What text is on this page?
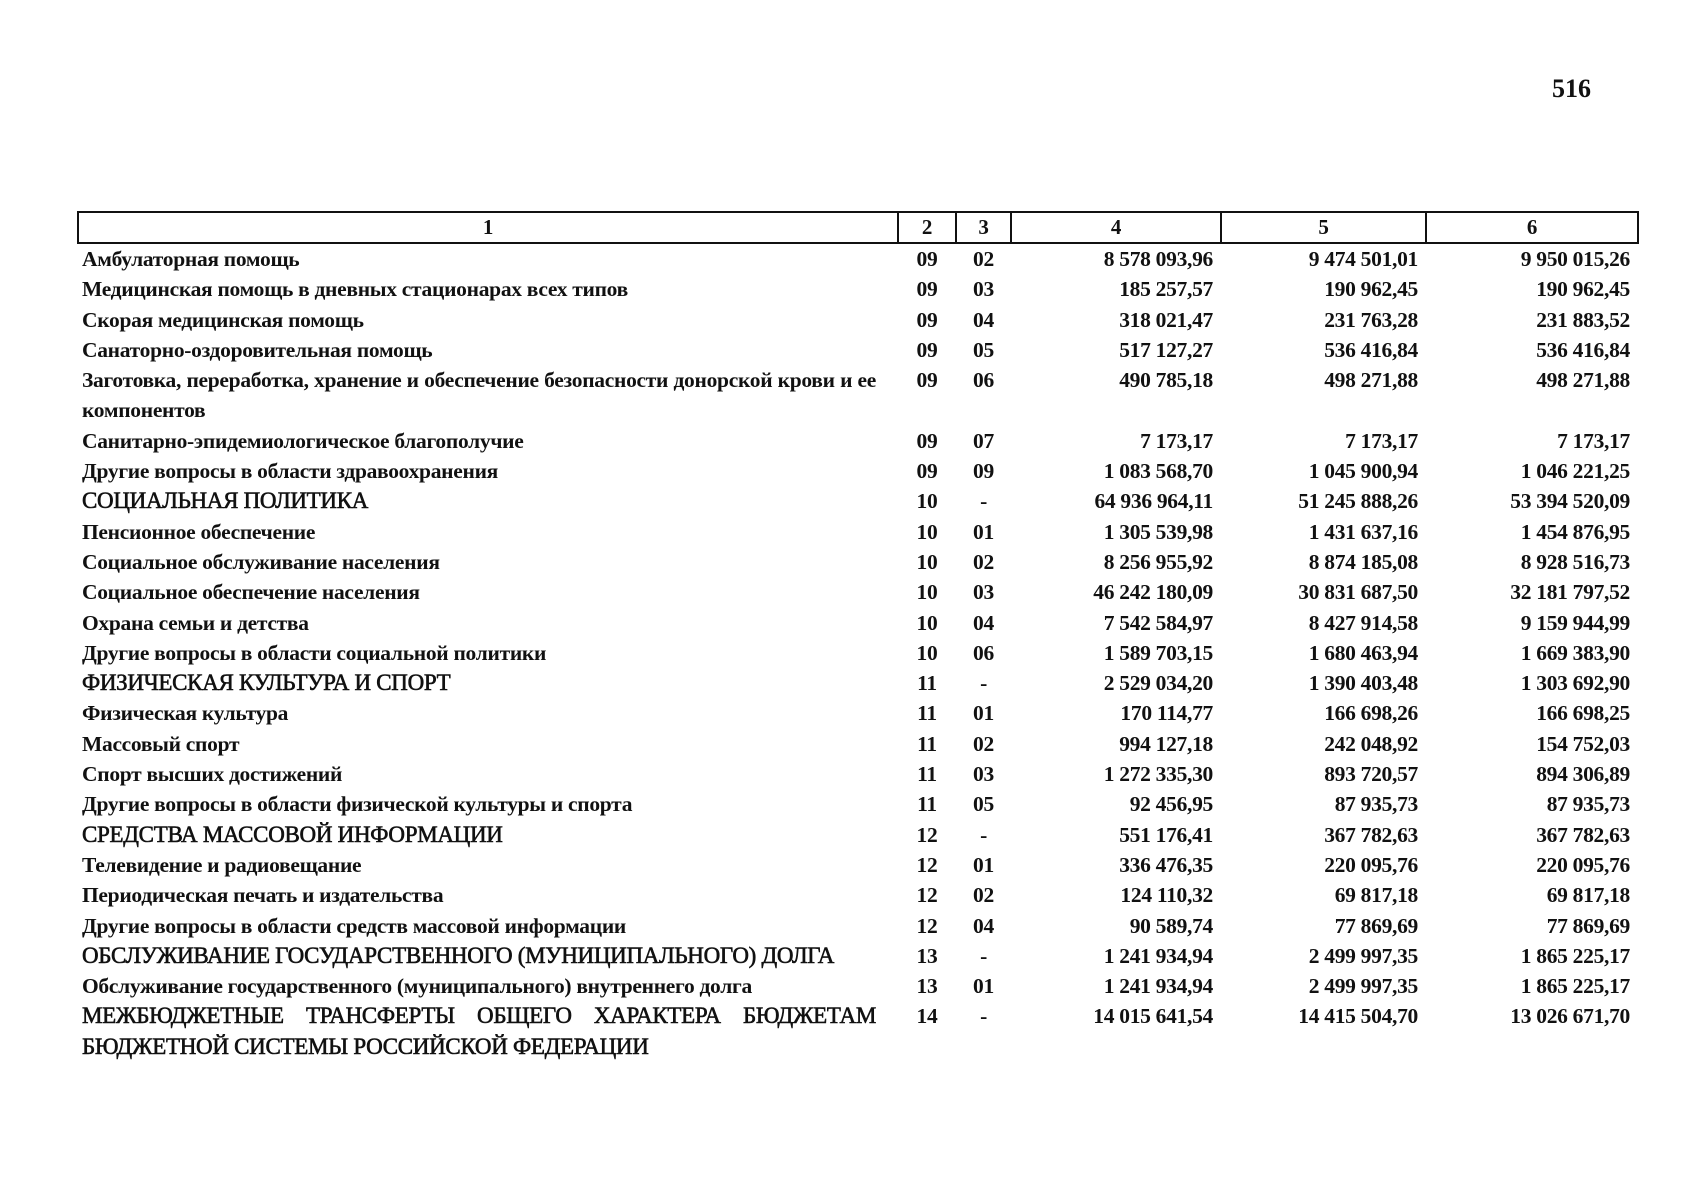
516
1	2	3	4	5	6
Амбулаторная помощь	09	02	8 578 093,96	9 474 501,01	9 950 015,26
Медицинская помощь в дневных стационарах всех типов	09	03	185 257,57	190 962,45	190 962,45
Скорая медицинская помощь	09	04	318 021,47	231 763,28	231 883,52
Санаторно-оздоровительная помощь	09	05	517 127,27	536 416,84	536 416,84
Заготовка, переработка, хранение и обеспечение безопасности донорской крови и ее компонентов	09	06	490 785,18	498 271,88	498 271,88
Санитарно-эпидемиологическое благополучие	09	07	7 173,17	7 173,17	7 173,17
Другие вопросы в области здравоохранения	09	09	1 083 568,70	1 045 900,94	1 046 221,25
СОЦИАЛЬНАЯ ПОЛИТИКА	10	-	64 936 964,11	51 245 888,26	53 394 520,09
Пенсионное обеспечение	10	01	1 305 539,98	1 431 637,16	1 454 876,95
Социальное обслуживание населения	10	02	8 256 955,92	8 874 185,08	8 928 516,73
Социальное обеспечение населения	10	03	46 242 180,09	30 831 687,50	32 181 797,52
Охрана семьи и детства	10	04	7 542 584,97	8 427 914,58	9 159 944,99
Другие вопросы в области социальной политики	10	06	1 589 703,15	1 680 463,94	1 669 383,90
ФИЗИЧЕСКАЯ КУЛЬТУРА И СПОРТ	11	-	2 529 034,20	1 390 403,48	1 303 692,90
Физическая культура	11	01	170 114,77	166 698,26	166 698,25
Массовый спорт	11	02	994 127,18	242 048,92	154 752,03
Спорт высших достижений	11	03	1 272 335,30	893 720,57	894 306,89
Другие вопросы в области физической культуры и спорта	11	05	92 456,95	87 935,73	87 935,73
СРЕДСТВА МАССОВОЙ ИНФОРМАЦИИ	12	-	551 176,41	367 782,63	367 782,63
Телевидение и радиовещание	12	01	336 476,35	220 095,76	220 095,76
Периодическая печать и издательства	12	02	124 110,32	69 817,18	69 817,18
Другие вопросы в области средств массовой информации	12	04	90 589,74	77 869,69	77 869,69
ОБСЛУЖИВАНИЕ ГОСУДАРСТВЕННОГО (МУНИЦИПАЛЬНОГО) ДОЛГА	13	-	1 241 934,94	2 499 997,35	1 865 225,17
Обслуживание государственного (муниципального) внутреннего долга	13	01	1 241 934,94	2 499 997,35	1 865 225,17
МЕЖБЮДЖЕТНЫЕ ТРАНСФЕРТЫ ОБЩЕГО ХАРАКТЕРА БЮДЖЕТАМ БЮДЖЕТНОЙ СИСТЕМЫ РОССИЙСКОЙ ФЕДЕРАЦИИ	14	-	14 015 641,54	14 415 504,70	13 026 671,70
